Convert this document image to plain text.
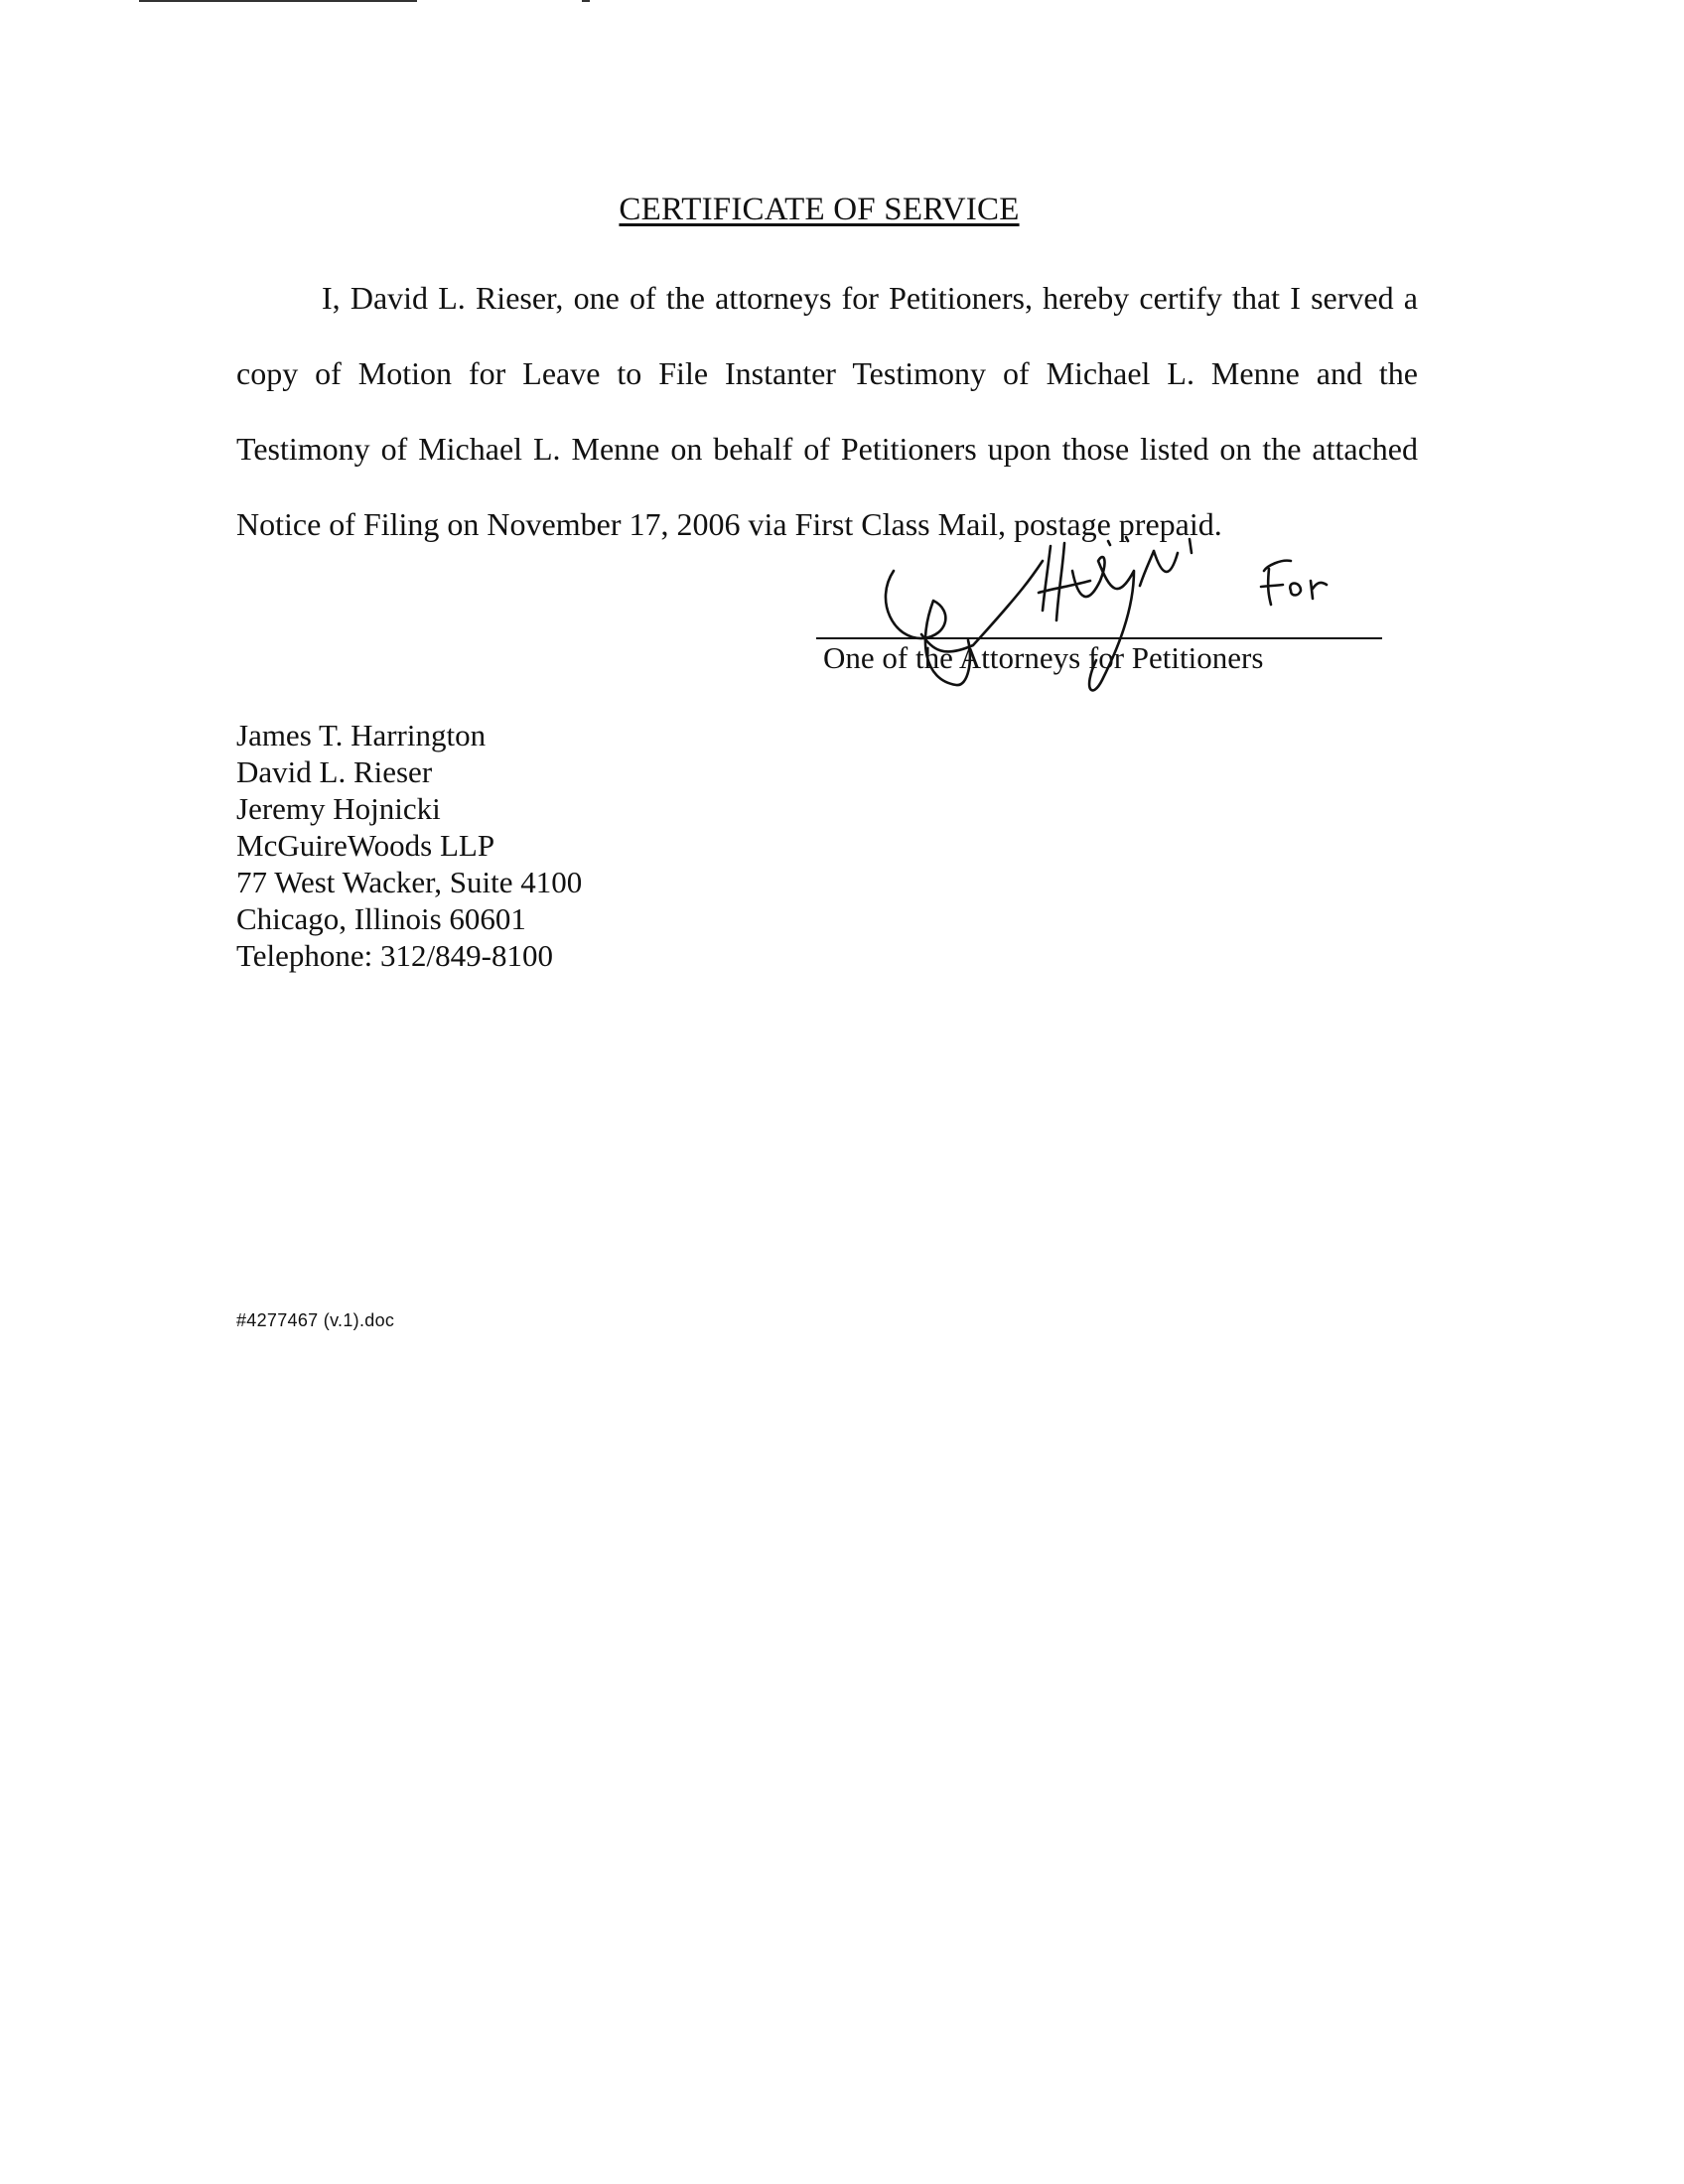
CERTIFICATE OF SERVICE

I, David L. Rieser, one of the attorneys for Petitioners, hereby certify that I served a copy of Motion for Leave to File Instanter Testimony of Michael L. Menne and the Testimony of Michael L. Menne on behalf of Petitioners upon those listed on the attached Notice of Filing on November 17, 2006 via First Class Mail, postage prepaid.

One of the Attorneys for Petitioners
James T. Harrington
David L. Rieser
Jeremy Hojnicki
McGuireWoods LLP
77 West Wacker, Suite 4100
Chicago, Illinois 60601
Telephone: 312/849-8100
#4277467 (v.1).doc
